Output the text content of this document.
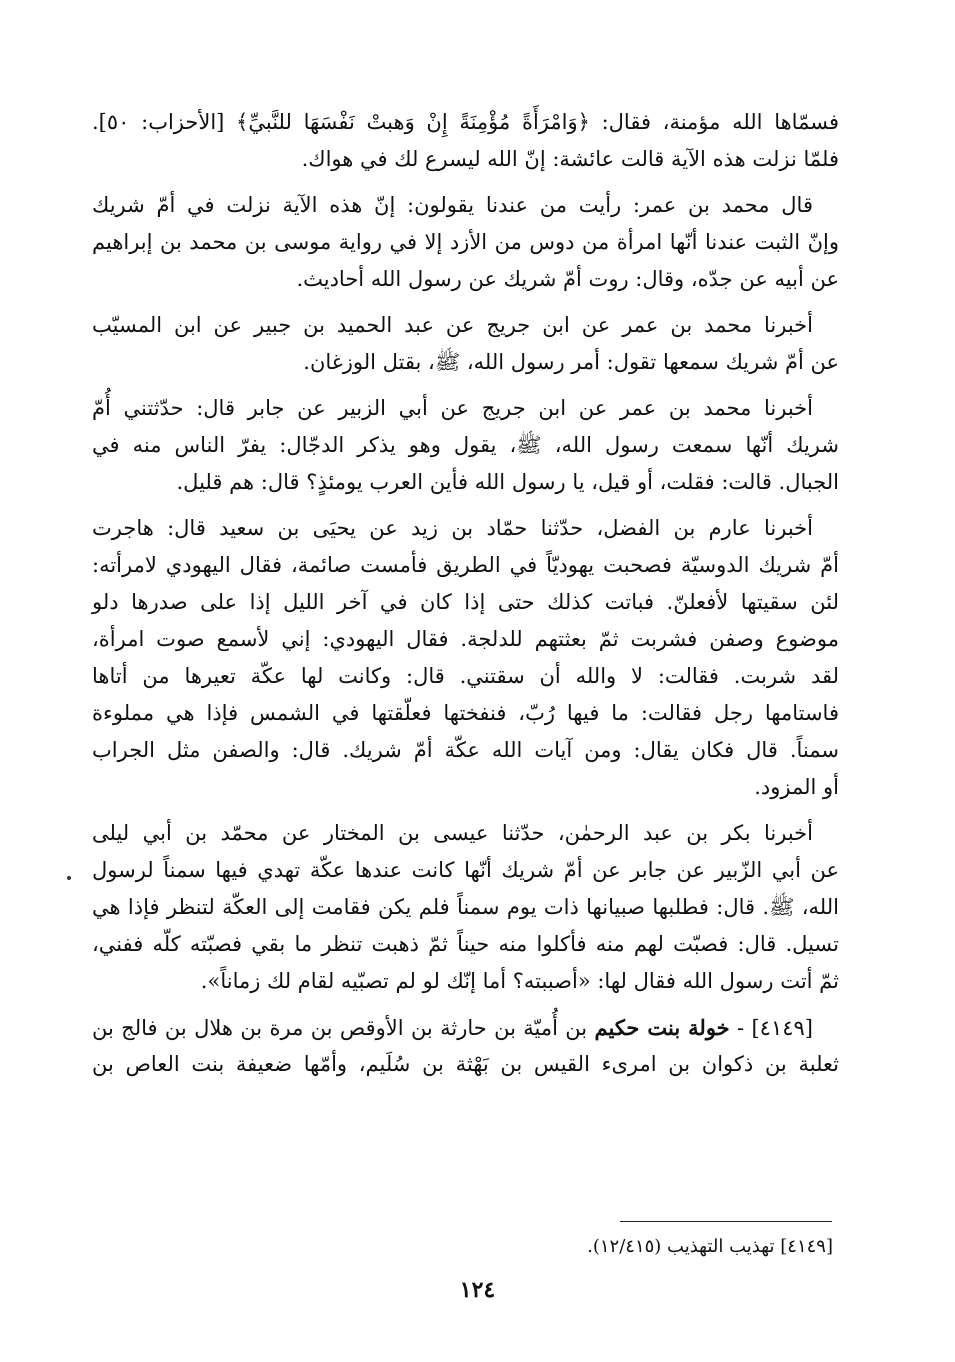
فسمّاها الله مؤمنة، فقال: ﴿وَامْرَأَةً مُؤْمِنَةً إِنْ وَهبتْ نَفْسَهَا للنَّبيِّ﴾ [الأحزاب: ٥٠].
فلمّا نزلت هذه الآية قالت عائشة: إنّ الله ليسرع لك في هواك.
قال محمد بن عمر: رأيت من عندنا يقولون: إنّ هذه الآية نزلت في أمّ شريك
وإنّ الثبت عندنا أنّها امرأة من دوس من الأزد إلا في رواية موسى بن محمد بن إبراهيم
عن أبيه عن جدّه، وقال: روت أمّ شريك عن رسول الله أحاديث.
أخبرنا محمد بن عمر عن ابن جريج عن عبد الحميد بن جبير عن ابن المسيّب
عن أمّ شريك سمعها تقول: أمر رسول الله، ﷺ، بقتل الوزغان.
أخبرنا محمد بن عمر عن ابن جريج عن أبي الزبير عن جابر قال: حدّثتني أُمّ
شريك أنّها سمعت رسول الله، ﷺ، يقول وهو يذكر الدجّال: يفرّ الناس منه في
الجبال. قالت: فقلت، أو قيل، يا رسول الله فأين العرب يومئذٍ؟ قال: هم قليل.
أخبرنا عارم بن الفضل، حدّثنا حمّاد بن زيد عن يحيَى بن سعيد قال: هاجرت
أمّ شريك الدوسيّة فصحبت يهوديّاً في الطريق فأمست صائمة، فقال اليهودي لامرأته:
لئن سقيتها لأفعلنّ. فباتت كذلك حتى إذا كان في آخر الليل إذا على صدرها دلو
موضوع وصفن فشربت ثمّ بعثتهم للدلجة. فقال اليهودي: إني لأسمع صوت امرأة،
لقد شربت. فقالت: لا والله أن سقتني. قال: وكانت لها عكّة تعيرها من أتاها
فاستامها رجل فقالت: ما فيها رُبّ، فنفختها فعلّقتها في الشمس فإذا هي مملوءة
سمناً. قال فكان يقال: ومن آيات الله عكّة أمّ شريك. قال: والصفن مثل الجراب
أو المزود.
أخبرنا بكر بن عبد الرحمٰن، حدّثنا عيسى بن المختار عن محمّد بن أبي ليلى
عن أبي الزّبير عن جابر عن أمّ شريك أنّها كانت عندها عكّة تهدي فيها سمناً لرسول
الله، ﷺ. قال: فطلبها صبيانها ذات يوم سمناً فلم يكن فقامت إلى العكّة لتنظر فإذا هي
تسيل. قال: فصبّت لهم منه فأكلوا منه حيناً ثمّ ذهبت تنظر ما بقي فصبّته كلّه ففني،
ثمّ أتت رسول الله فقال لها: «أصببته؟ أما إنّك لو لم تصبّيه لقام لك زماناً».
[٤١٤٩] - خولة بنت حكيم بن أُميّة بن حارثة بن الأوقص بن مرة بن هلال بن فالج بن
ثعلبة بن ذكوان بن امرىء القيس بن بَهْثة بن سُلَيم، وأمّها ضعيفة بنت العاص بن
[٤١٤٩] تهذيب التهذيب (١٢/٤١٥).
١٢٤
